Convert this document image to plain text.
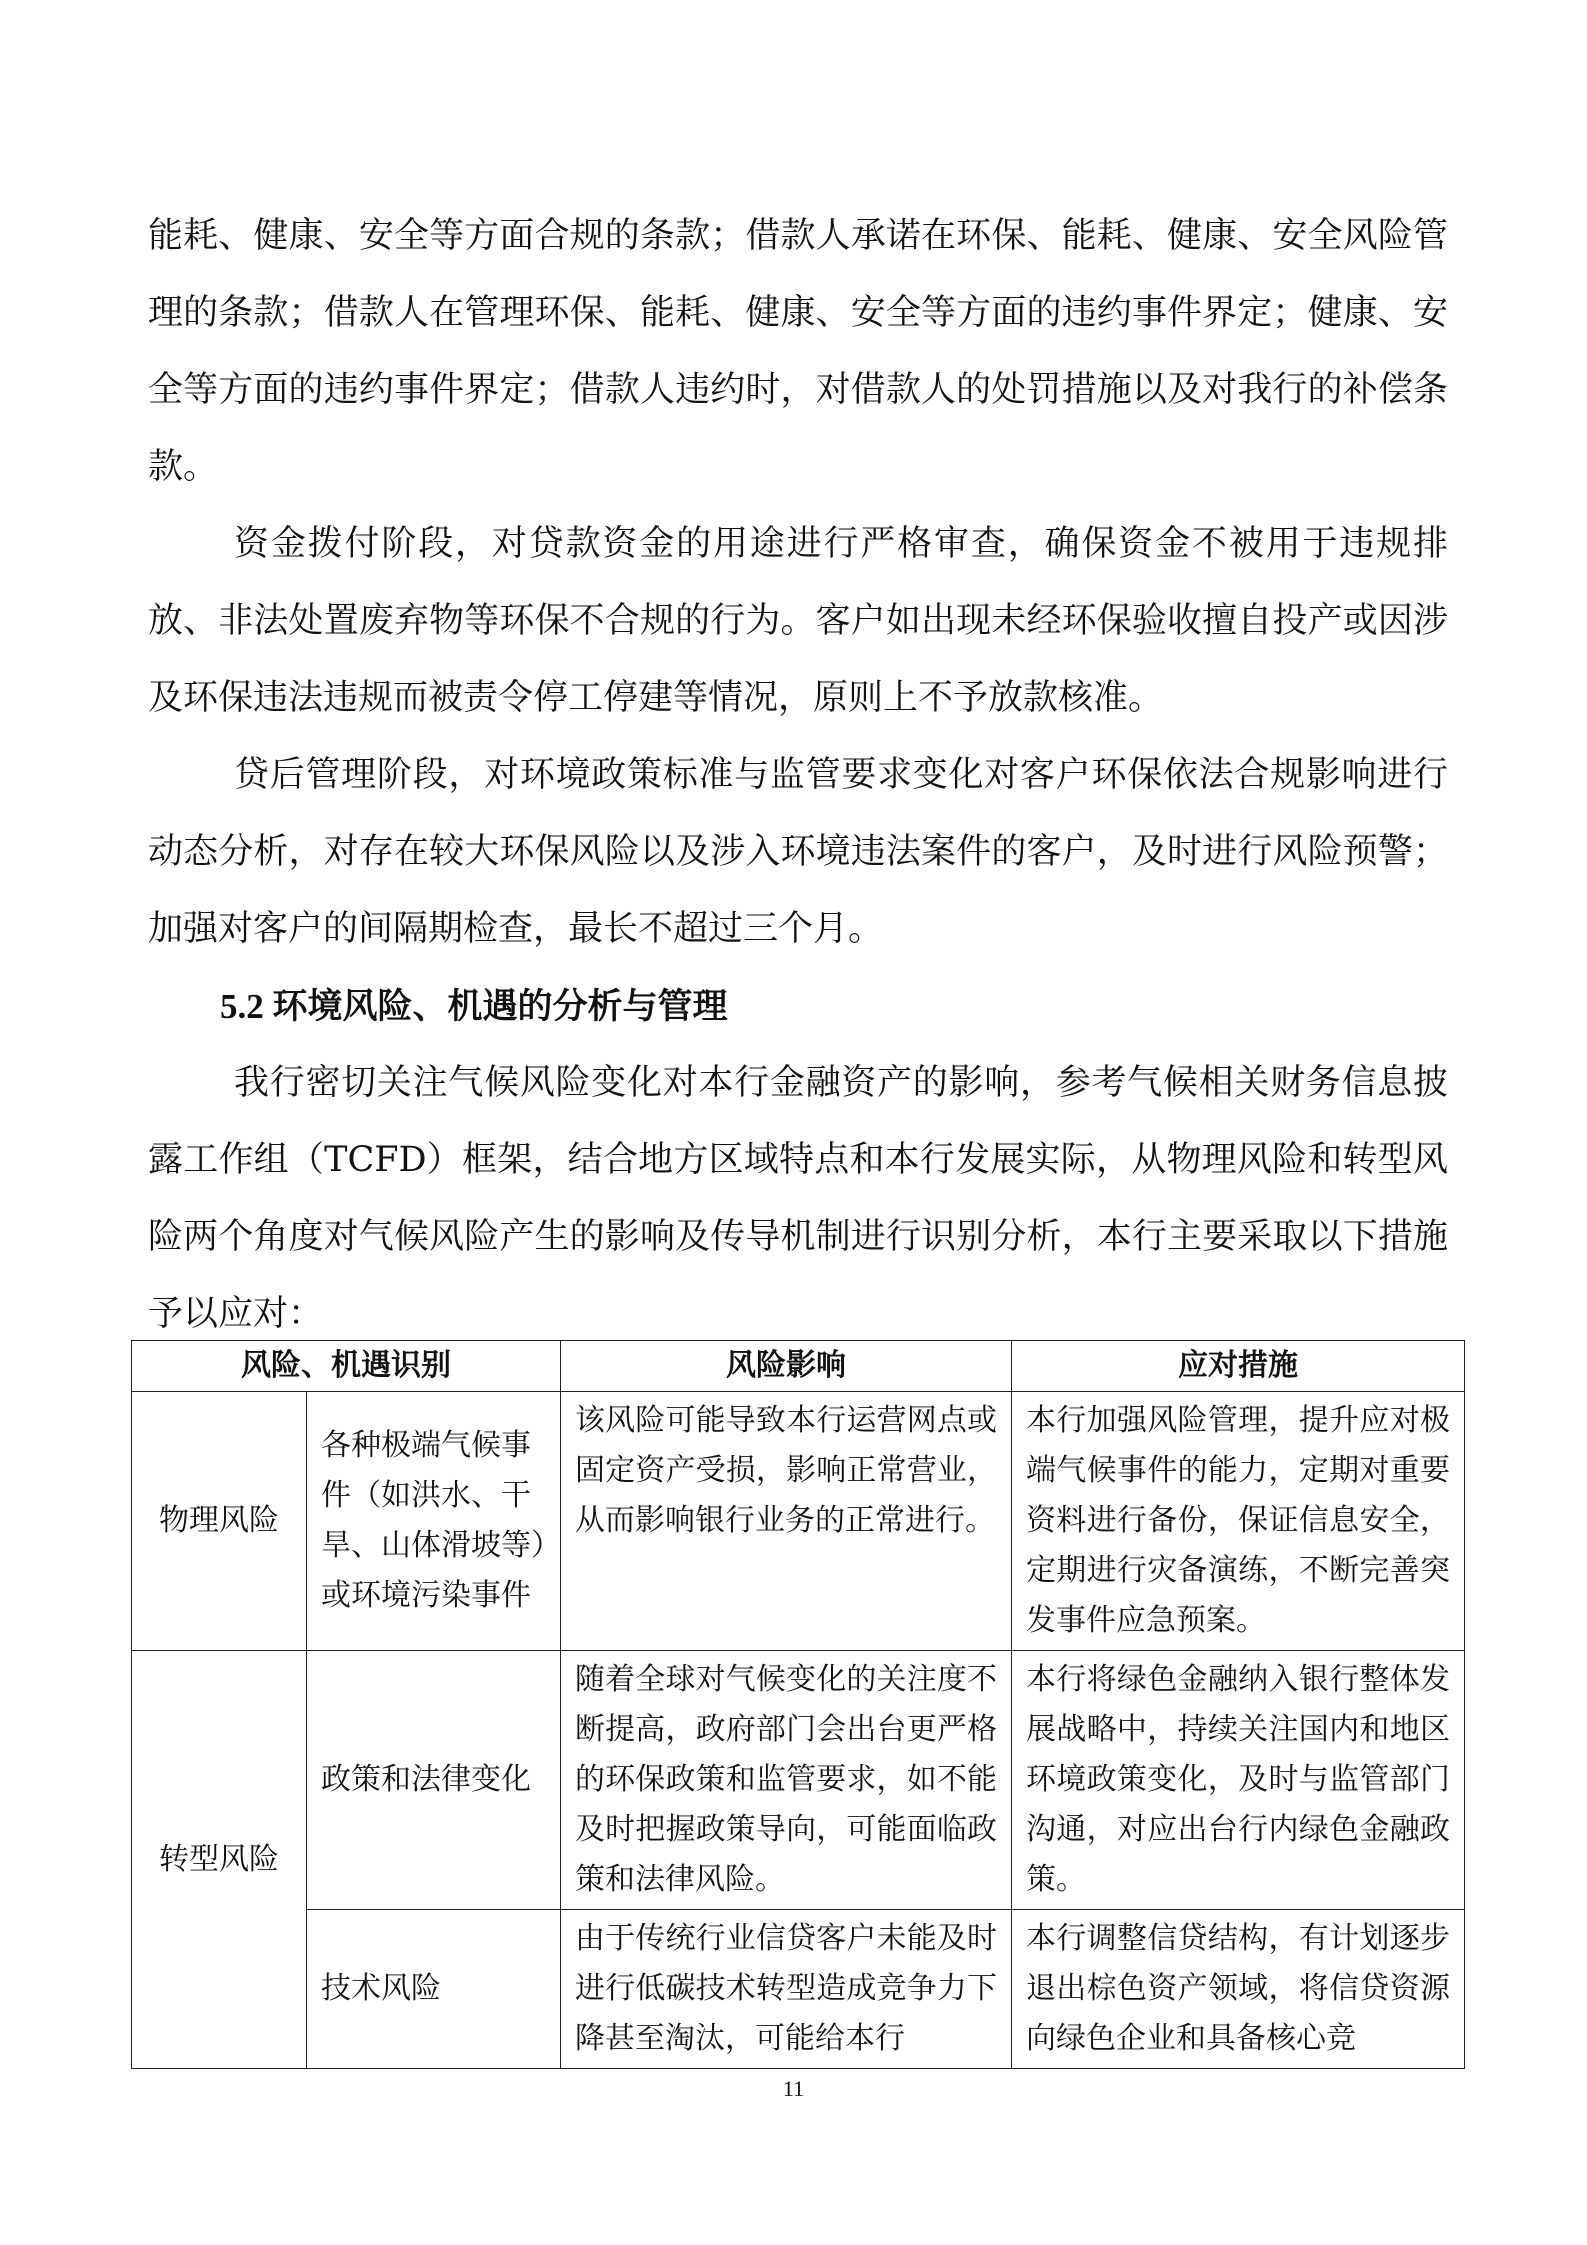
能耗、健康、安全等方面合规的条款；借款人承诺在环保、能耗、健康、安全风险管理的条款；借款人在管理环保、能耗、健康、安全等方面的违约事件界定；健康、安全等方面的违约事件界定；借款人违约时，对借款人的处罚措施以及对我行的补偿条款。

资金拨付阶段，对贷款资金的用途进行严格审查，确保资金不被用于违规排放、非法处置废弃物等环保不合规的行为。客户如出现未经环保验收擅自投产或因涉及环保违法违规而被责令停工停建等情况，原则上不予放款核准。

贷后管理阶段，对环境政策标准与监管要求变化对客户环保依法合规影响进行动态分析，对存在较大环保风险以及涉入环境违法案件的客户，及时进行风险预警；加强对客户的间隔期检查，最长不超过三个月。

5.2 环境风险、机遇的分析与管理

我行密切关注气候风险变化对本行金融资产的影响，参考气候相关财务信息披露工作组（TCFD）框架，结合地方区域特点和本行发展实际，从物理风险和转型风险两个角度对气候风险产生的影响及传导机制进行识别分析，本行主要采取以下措施予以应对：

风险、机遇识别		风险影响	应对措施
物理风险	各种极端气候事件（如洪水、干旱、山体滑坡等）或环境污染事件	该风险可能导致本行运营网点或固定资产受损，影响正常营业，从而影响银行业务的正常进行。	本行加强风险管理，提升应对极端气候事件的能力，定期对重要资料进行备份，保证信息安全，定期进行灾备演练，不断完善突发事件应急预案。
转型风险	政策和法律变化	随着全球对气候变化的关注度不断提高，政府部门会出台更严格的环保政策和监管要求，如不能及时把握政策导向，可能面临政策和法律风险。	本行将绿色金融纳入银行整体发展战略中，持续关注国内和地区环境政策变化，及时与监管部门沟通，对应出台行内绿色金融政策。
	技术风险	由于传统行业信贷客户未能及时进行低碳技术转型造成竞争力下降甚至淘汰，可能给本行	本行调整信贷结构，有计划逐步退出棕色资产领域，将信贷资源向绿色企业和具备核心竞
11
